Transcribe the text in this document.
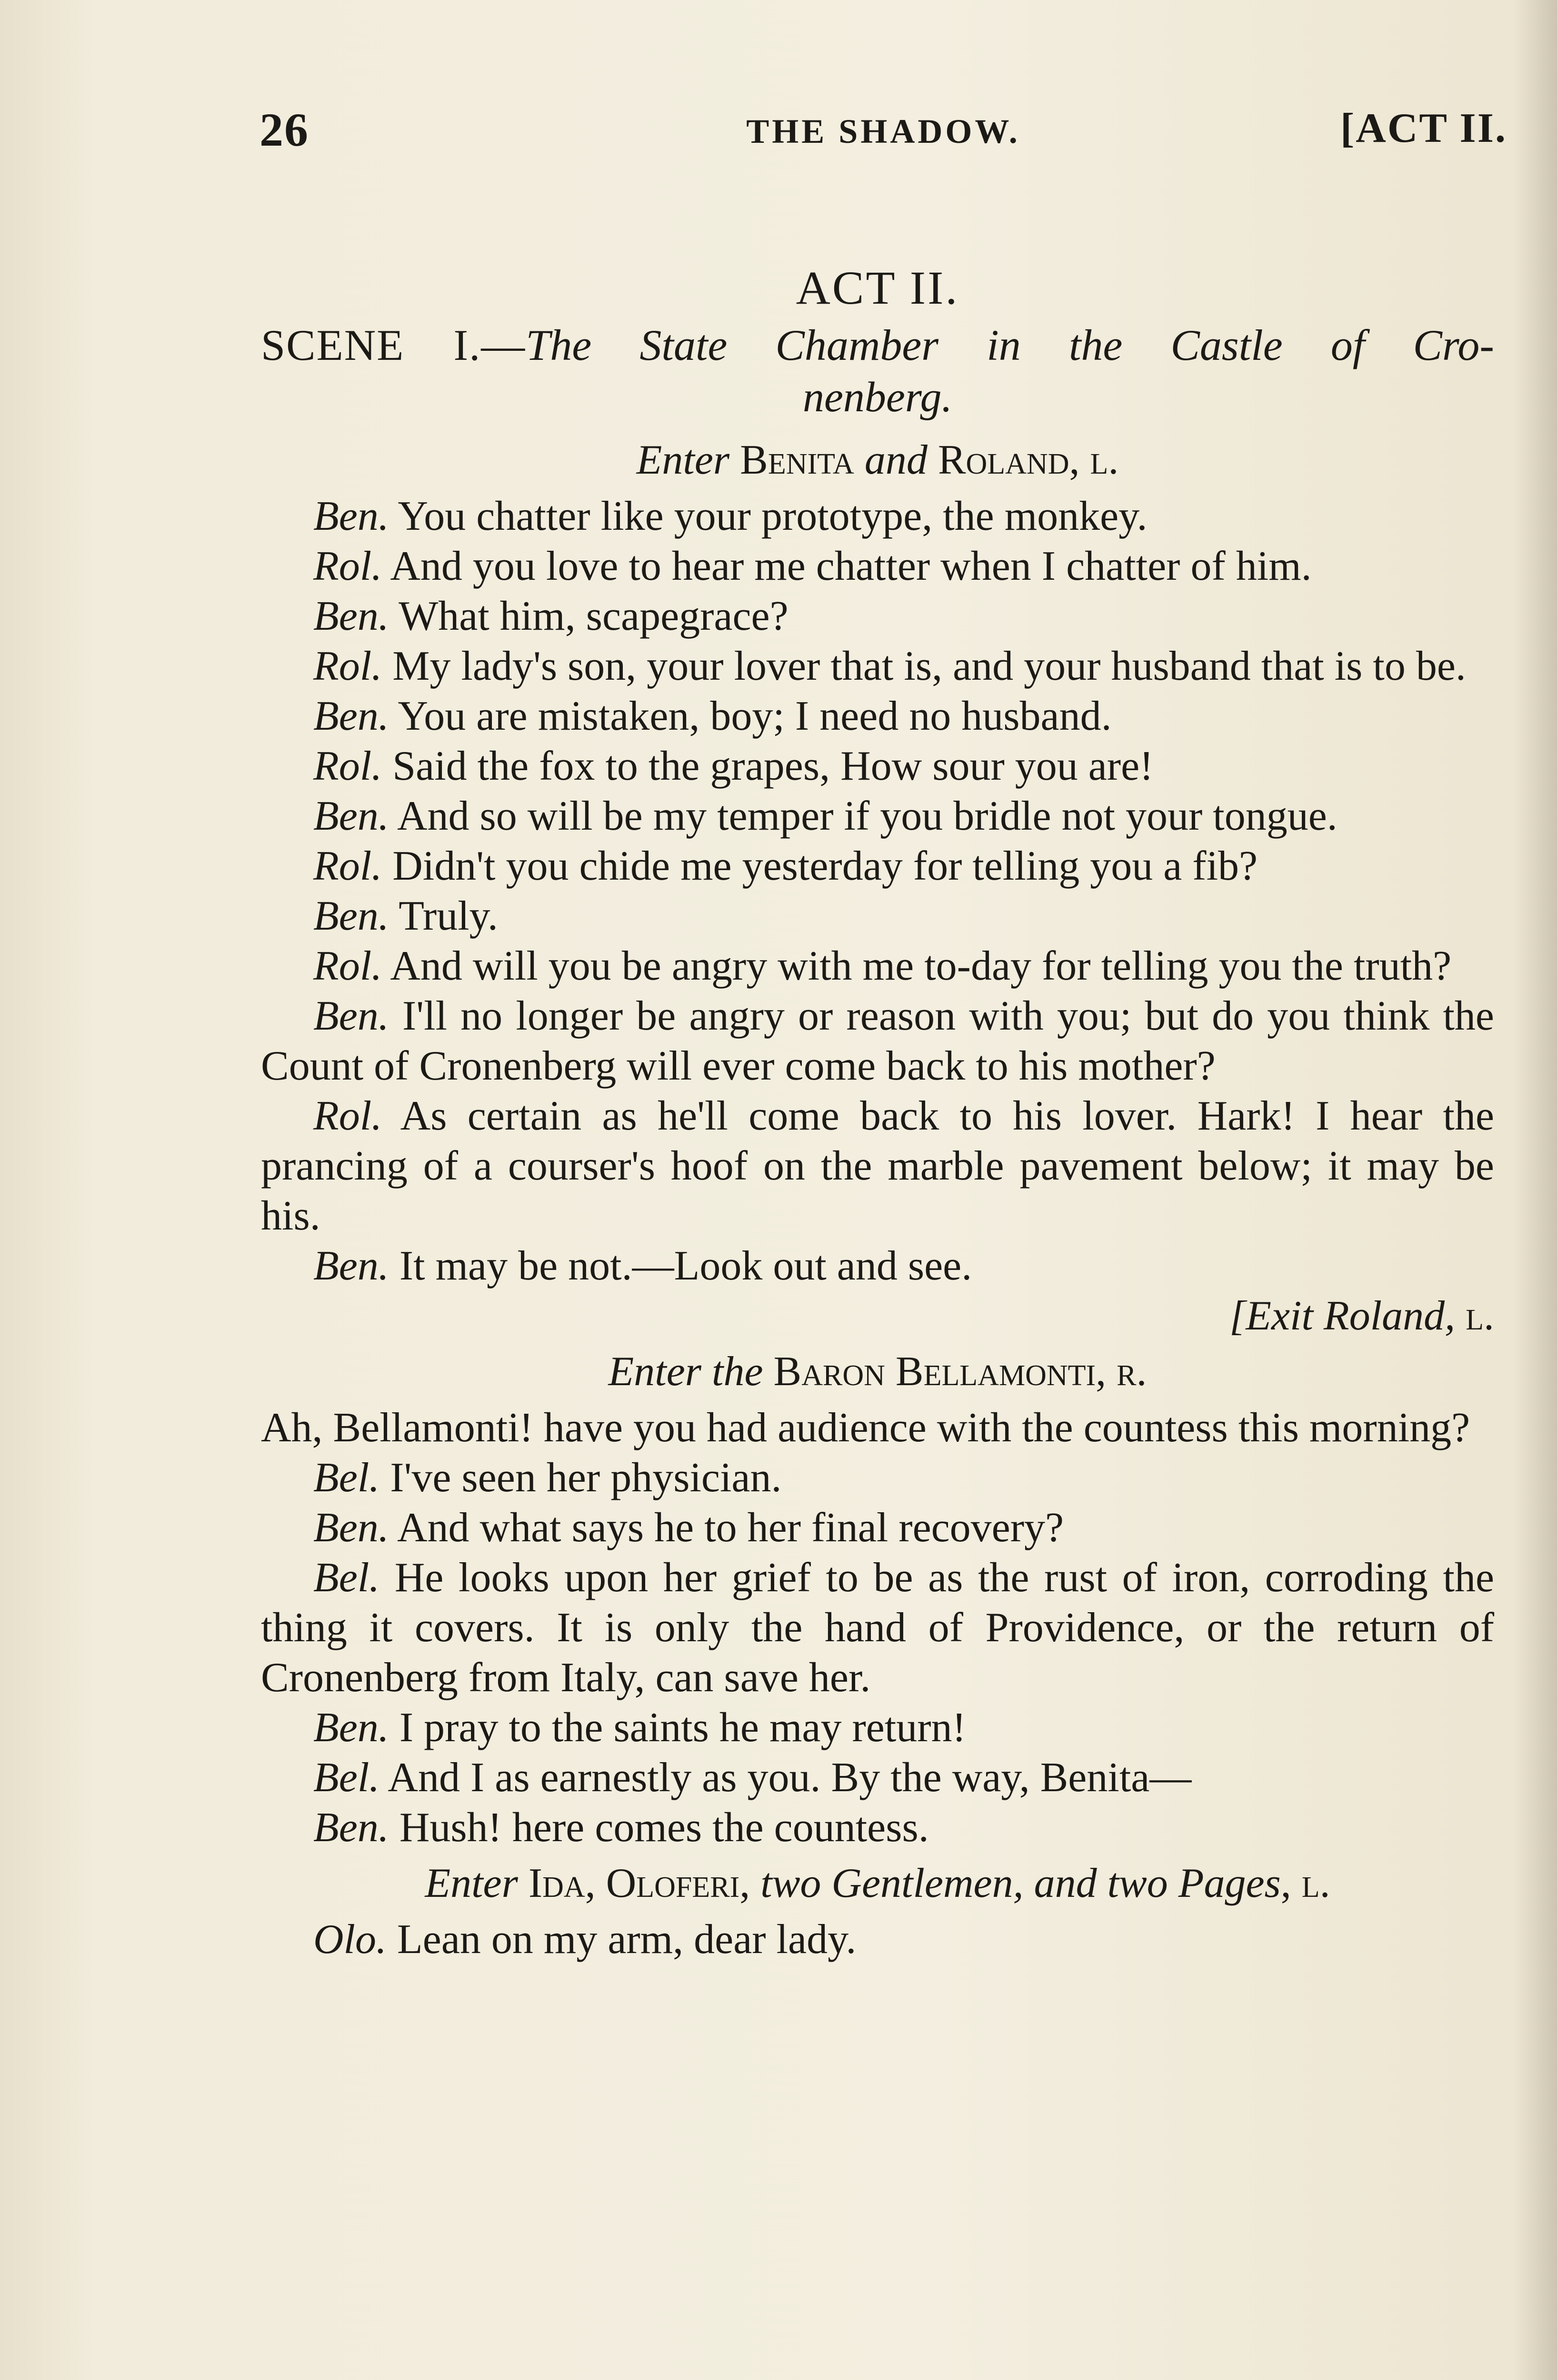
26	THE SHADOW.	[ACT II.
ACT II.

SCENE I.—The State Chamber in the Castle of Cro-

nenberg.

Enter Benita and Roland, l.

Ben. You chatter like your prototype, the monkey.

Rol. And you love to hear me chatter when I chatter of him.

Ben. What him, scapegrace?

Rol. My lady's son, your lover that is, and your husband that is to be.

Ben. You are mistaken, boy; I need no husband.

Rol. Said the fox to the grapes, How sour you are!

Ben. And so will be my temper if you bridle not your tongue.

Rol. Didn't you chide me yesterday for telling you a fib?

Ben. Truly.

Rol. And will you be angry with me to-day for telling you the truth?

Ben. I'll no longer be angry or reason with you; but do you think the Count of Cronenberg will ever come back to his mother?

Rol. As certain as he'll come back to his lover. Hark! I hear the prancing of a courser's hoof on the marble pavement below; it may be his.

Ben. It may be not.—Look out and see.

[Exit Roland, l.

Enter the Baron Bellamonti, r.

Ah, Bellamonti! have you had audience with the countess this morning?

Bel. I've seen her physician.

Ben. And what says he to her final recovery?

Bel. He looks upon her grief to be as the rust of iron, corroding the thing it covers. It is only the hand of Providence, or the return of Cronenberg from Italy, can save her.

Ben. I pray to the saints he may return!

Bel. And I as earnestly as you. By the way, Benita—

Ben. Hush! here comes the countess.

Enter Ida, Oloferi, two Gentlemen, and two Pages, l.

Olo. Lean on my arm, dear lady.
